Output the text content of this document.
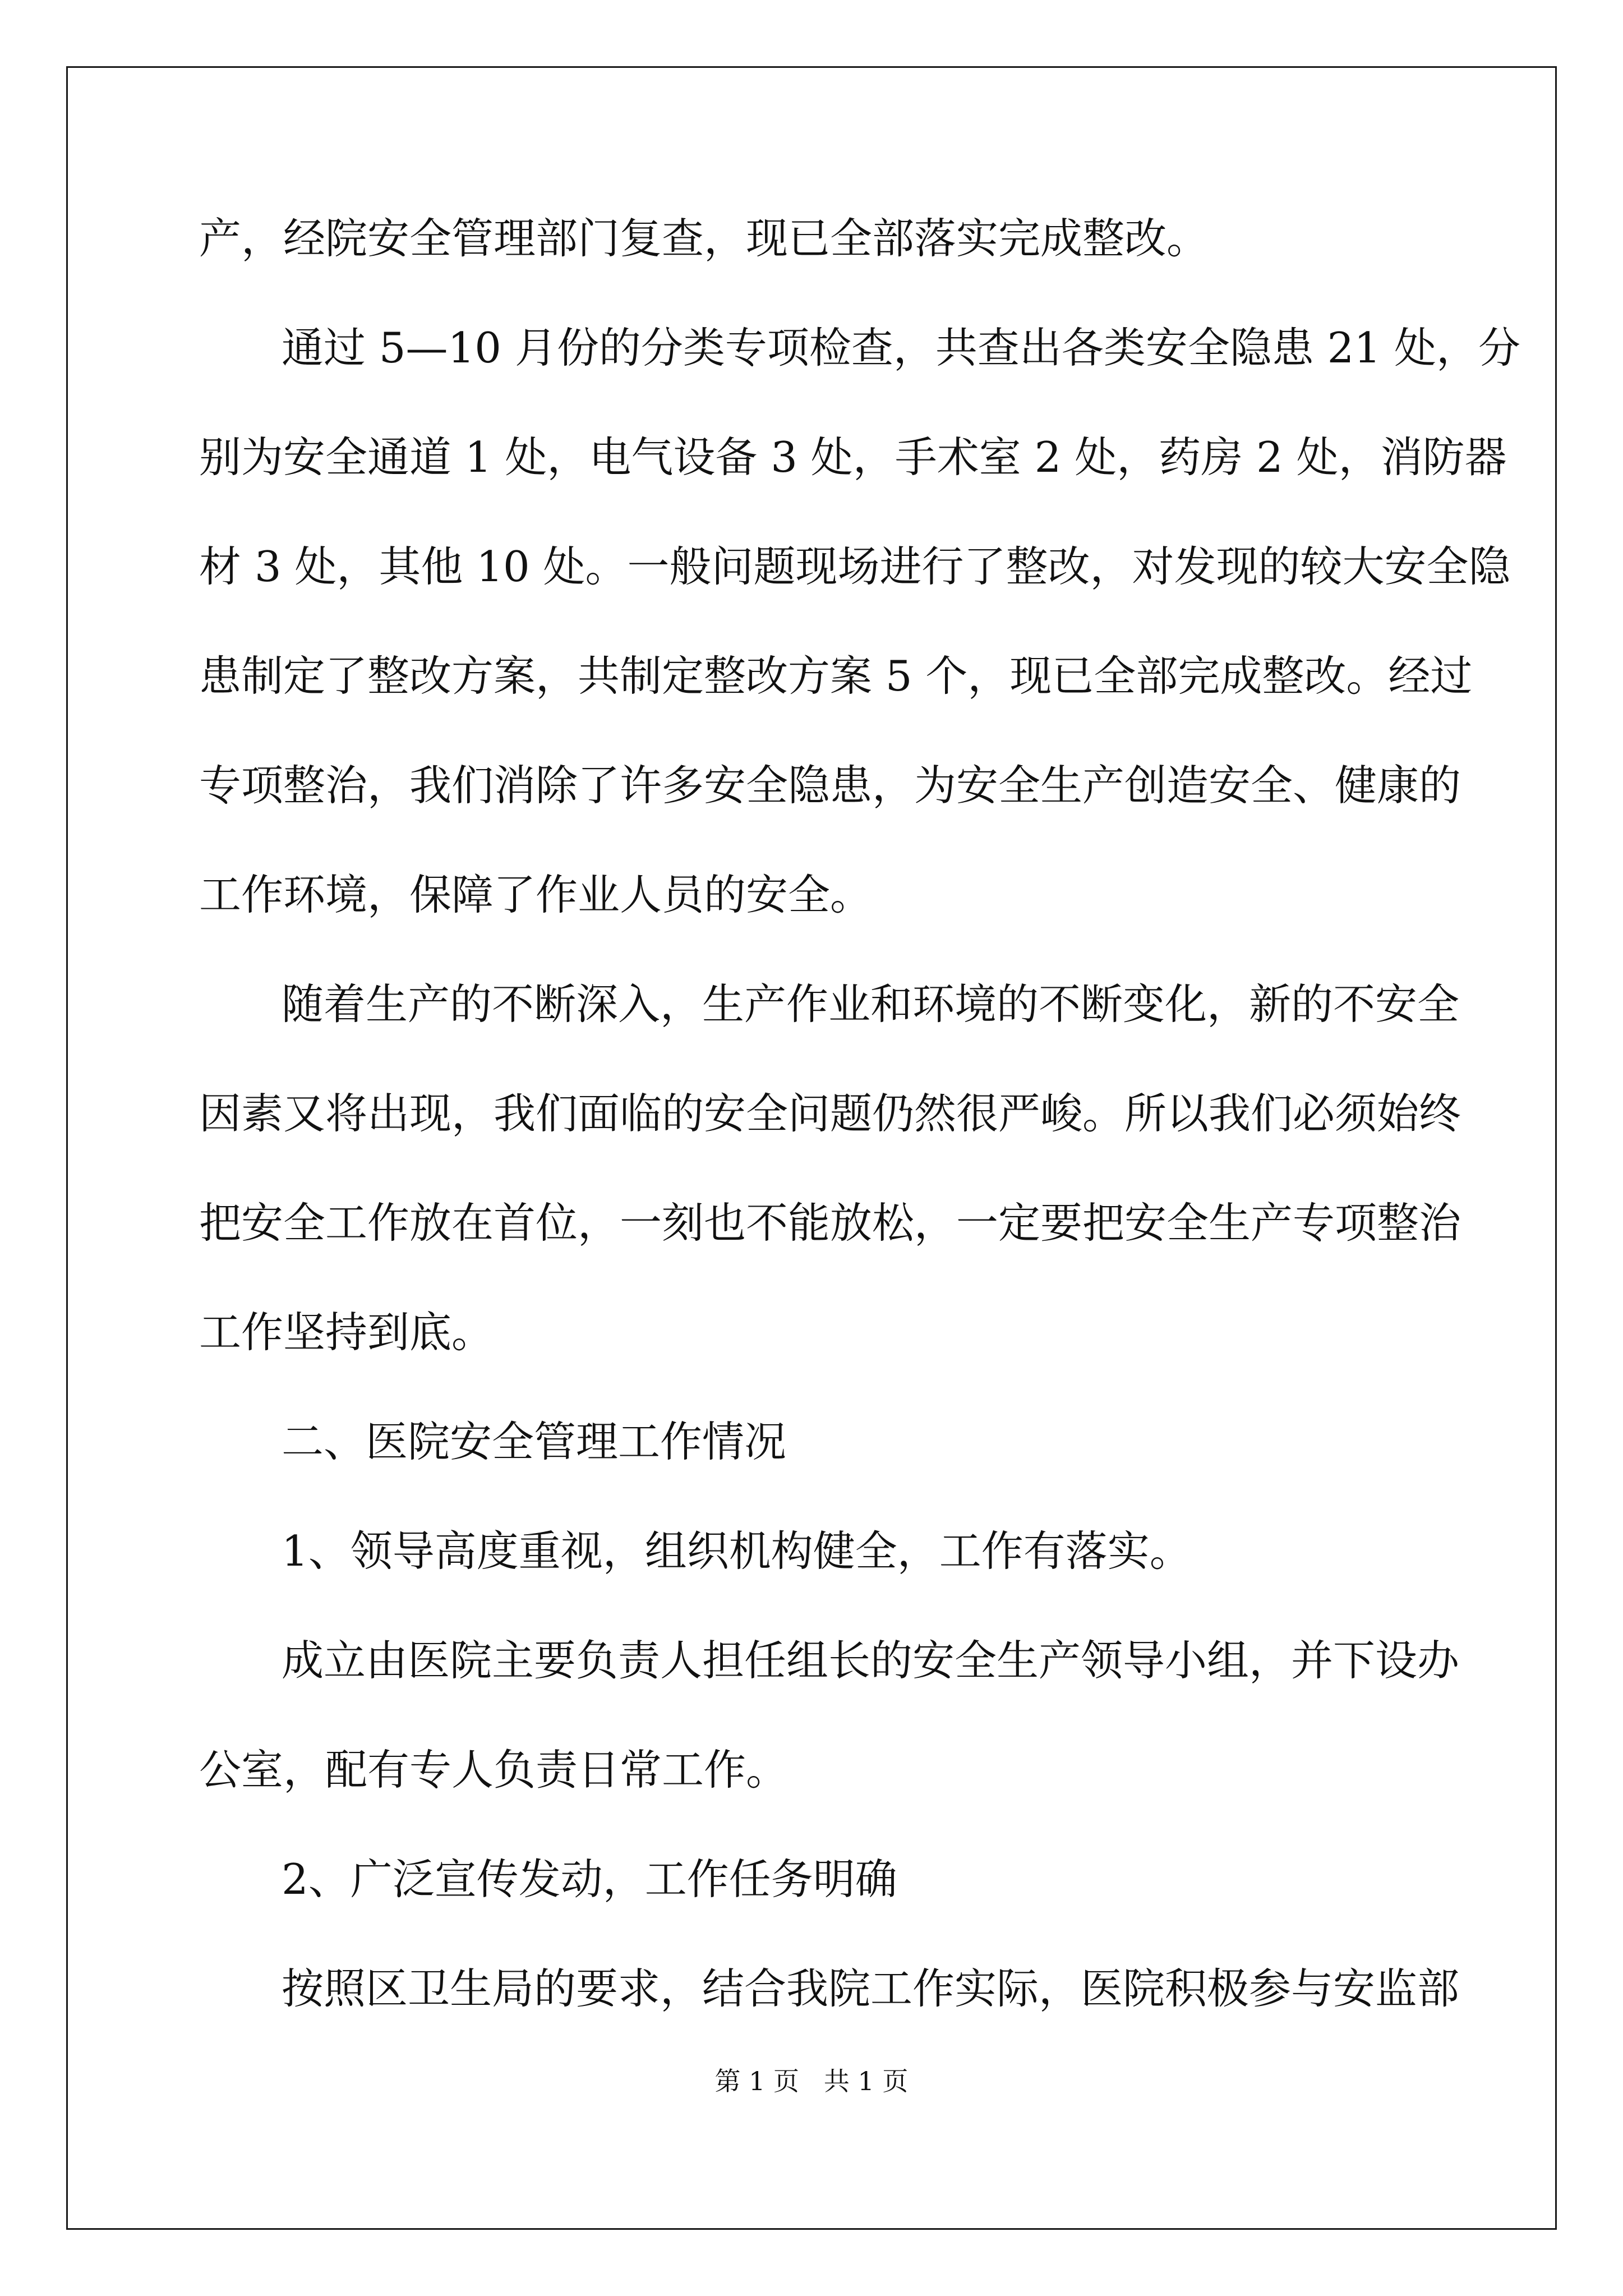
产，经院安全管理部门复查，现已全部落实完成整改。
通过 5—10 月份的分类专项检查，共查出各类安全隐患 21 处，分
别为安全通道 1 处，电气设备 3 处，手术室 2 处，药房 2 处，消防器
材 3 处，其他 10 处。一般问题现场进行了整改，对发现的较大安全隐
患制定了整改方案，共制定整改方案 5 个，现已全部完成整改。经过
专项整治，我们消除了许多安全隐患，为安全生产创造安全、健康的
工作环境，保障了作业人员的安全。
随着生产的不断深入，生产作业和环境的不断变化，新的不安全
因素又将出现，我们面临的安全问题仍然很严峻。所以我们必须始终
把安全工作放在首位，一刻也不能放松，一定要把安全生产专项整治
工作坚持到底。
二、医院安全管理工作情况
1、领导高度重视，组织机构健全，工作有落实。
成立由医院主要负责人担任组长的安全生产领导小组，并下设办
公室，配有专人负责日常工作。
2、广泛宣传发动，工作任务明确
按照区卫生局的要求，结合我院工作实际，医院积极参与安监部
第 1 页   共 1 页
